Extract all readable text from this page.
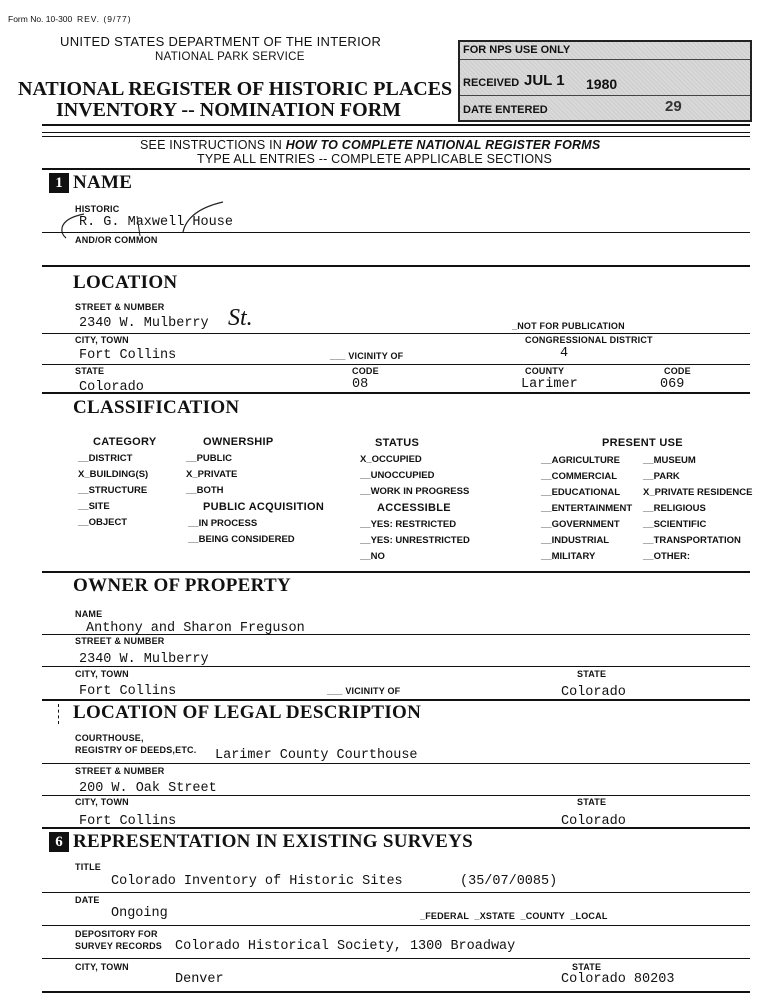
Form No. 10-300 REV. (9/77)
UNITED STATES DEPARTMENT OF THE INTERIOR
NATIONAL PARK SERVICE
NATIONAL REGISTER OF HISTORIC PLACES
INVENTORY -- NOMINATION FORM
FOR NPS USE ONLY
RECEIVED JUL 1 1980
DATE ENTERED	29
SEE INSTRUCTIONS IN HOW TO COMPLETE NATIONAL REGISTER FORMS
TYPE ALL ENTRIES -- COMPLETE APPLICABLE SECTIONS
1 NAME
HISTORIC
R. G. Maxwell House
AND/OR COMMON
LOCATION
STREET & NUMBER
2340 W. Mulberry St.	_NOT FOR PUBLICATION
CITY, TOWN	CONGRESSIONAL DISTRICT
Fort Collins	___ VICINITY OF	4
STATE	CODE	COUNTY	CODE
Colorado	08	Larimer	069
CLASSIFICATION
CATEGORY
__DISTRICT
X_BUILDING(S)
__STRUCTURE
__SITE
__OBJECT
OWNERSHIP
__PUBLIC
X_PRIVATE
__BOTH
PUBLIC ACQUISITION
__IN PROCESS
__BEING CONSIDERED
STATUS
X_OCCUPIED
__UNOCCUPIED
__WORK IN PROGRESS
ACCESSIBLE
__YES: RESTRICTED
__YES: UNRESTRICTED
__NO
PRESENT USE
__AGRICULTURE
__COMMERCIAL
__EDUCATIONAL
__ENTERTAINMENT
__GOVERNMENT
__INDUSTRIAL
__MILITARY
__MUSEUM
__PARK
X_PRIVATE RESIDENCE
__RELIGIOUS
__SCIENTIFIC
__TRANSPORTATION
__OTHER:
OWNER OF PROPERTY
NAME
Anthony and Sharon Freguson
STREET & NUMBER
2340 W. Mulberry
CITY, TOWN	STATE
Fort Collins	___ VICINITY OF	Colorado
LOCATION OF LEGAL DESCRIPTION
COURTHOUSE,
REGISTRY OF DEEDS,ETC. Larimer County Courthouse
STREET & NUMBER
200 W. Oak Street
CITY, TOWN	STATE
Fort Collins	Colorado
6 REPRESENTATION IN EXISTING SURVEYS
TITLE
Colorado Inventory of Historic Sites	(35/07/0085)
DATE
Ongoing	_FEDERAL  _XSTATE _COUNTY _LOCAL
DEPOSITORY FOR
SURVEY RECORDS Colorado Historical Society, 1300 Broadway
CITY, TOWN	STATE
Denver	Colorado 80203
